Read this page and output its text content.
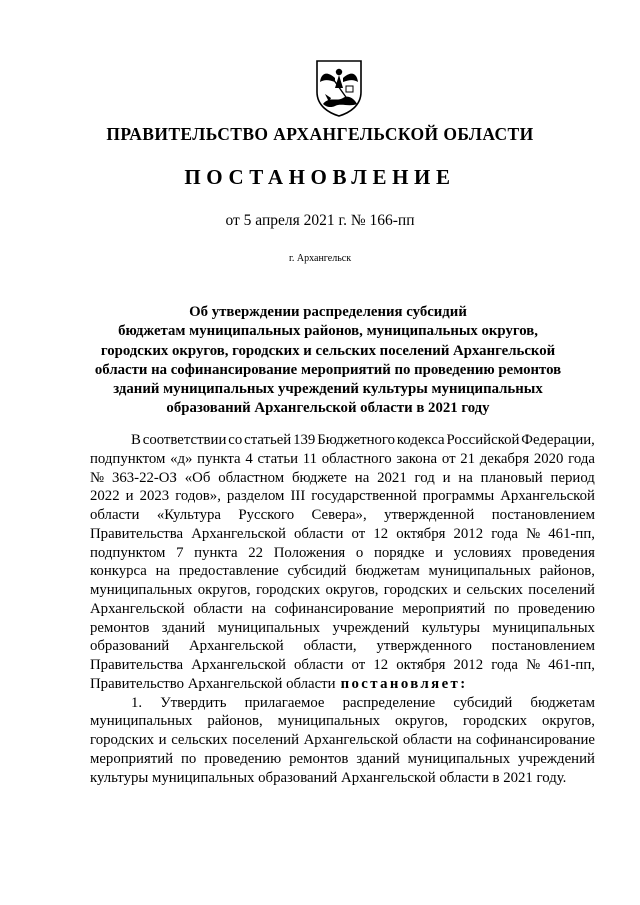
ПРАВИТЕЛЬСТВО АРХАНГЕЛЬСКОЙ ОБЛАСТИ
ПОСТАНОВЛЕНИЕ
от 5 апреля 2021 г. № 166-пп
г. Архангельск
Об утверждении распределения субсидий
бюджетам муниципальных районов, муниципальных округов,
городских округов, городских и сельских поселений Архангельской
области на софинансирование мероприятий по проведению ремонтов
зданий муниципальных учреждений культуры муниципальных
образований Архангельской области в 2021 году
В соответствии со статьей 139 Бюджетного кодекса Российской Федерации,
подпунктом «д» пункта 4 статьи 11 областного закона от 21 декабря 2020 года
№ 363-22-ОЗ «Об областном бюджете на 2021 год и на плановый период
2022 и 2023 годов», разделом III государственной программы Архангельской
области «Культура Русского Севера», утвержденной постановлением
Правительства Архангельской области от 12 октября 2012 года № 461-пп,
подпунктом 7 пункта 22 Положения о порядке и условиях проведения
конкурса на предоставление субсидий бюджетам муниципальных районов,
муниципальных округов, городских округов, городских и сельских поселений
Архангельской области на софинансирование мероприятий по проведению
ремонтов зданий муниципальных учреждений культуры муниципальных
образований Архангельской области, утвержденного постановлением
Правительства Архангельской области от 12 октября 2012 года № 461-пп,
Правительство Архангельской области постановляет:
1. Утвердить прилагаемое распределение субсидий бюджетам
муниципальных районов, муниципальных округов, городских округов,
городских и сельских поселений Архангельской области на софинансирование
мероприятий по проведению ремонтов зданий муниципальных учреждений
культуры муниципальных образований Архангельской области в 2021 году.
